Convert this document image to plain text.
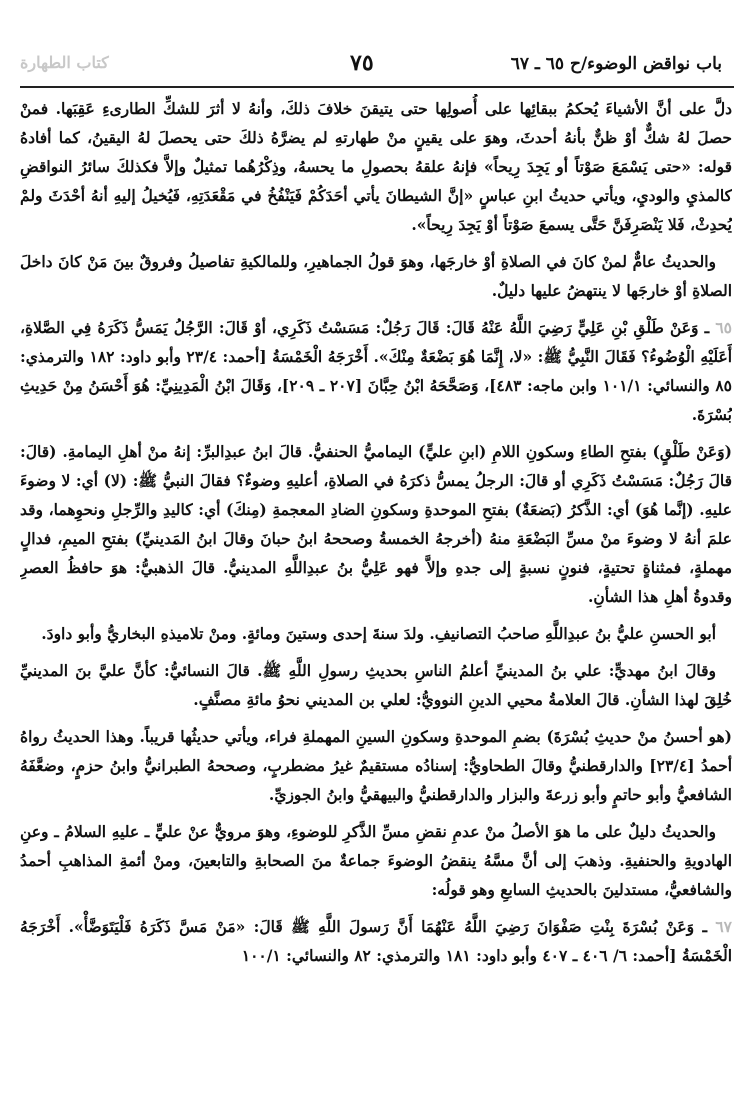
باب نواقض الوضوء/ح ٦٥ ـ ٦٧
٧٥
كتاب الطهارة

دلَّ على أنَّ الأشياءَ يُحكمُ ببقائِها على أُصولِها حتى يتيقنَ خلافَ ذلكَ، وأنهُ لا أثرَ للشكِّ الطارىءِ عَقِبَها. فمنْ حصلَ لهُ شكٌّ أوْ ظنٌّ بأنهُ أحدثَ، وهوَ على يقينٍ منْ طهارتهِ لم يضرَّهُ ذلكَ حتى يحصلَ لهُ اليقينُ، كما أفادهُ قوله: «حتى يَسْمَعَ صَوْتاً أو يَجِدَ رِيحاً» فإنهُ علقهُ بحصولِ ما يحسهُ، وذِكْرُهُما تمثيلٌ وإلاَّ فكذلكَ سائرُ النواقضِ كالمذيِ والوديِ، ويأتي حديثُ ابنِ عباسٍ «إنَّ الشيطانَ يأتي أحَدَكُمْ فَيَنْفُخُ في مَقْعَدَتِهِ، فَيُخيلُ إليهِ أنهُ أحْدَثَ ولمْ يُحدِثْ، فَلا يَنْصَرِفَنَّ حَتَّى يسمعَ صَوْتاً أوْ يَجِدَ رِيحاً».

والحديثُ عامٌّ لمنْ كانَ في الصلاةِ أوْ خارجَها، وهوَ قولُ الجماهيرِ، وللمالكيةِ تفاصيلُ وفروقٌ بينَ مَنْ كانَ داخلَ الصلاةِ أوْ خارجَها لا ينتهضُ عليها دليلٌ.

٦٥ ـ وَعَنْ طَلْقِ بْنِ عَلِيٍّ رَضِيَ اللَّهُ عَنْهُ قَالَ: قَالَ رَجُلٌ: مَسَسْتُ ذَكَرِي، أوْ قَالَ: الرَّجُلُ يَمَسُّ ذَكَرَهُ فِي الصَّلاةِ، أَعَلَيْهِ الْوُضُوءُ؟ فَقَالَ النَّبِيُّ ﷺ: «لا، إِنَّمَا هُوَ بَضْعَةٌ مِنْكَ». أَخْرَجَهُ الْخَمْسَةُ [أحمد: ٢٣/٤ وأبو داود: ١٨٢ والترمذي: ٨٥ والنسائي: ١٠١/١ وابن ماجه: ٤٨٣]، وَصَحَّحَهُ ابْنُ حِبَّانَ [٢٠٧ ـ ٢٠٩]، وَقَالَ ابْنُ الْمَدِينِيِّ: هُوَ أَحْسَنُ مِنْ حَدِيثِ بُسْرَةَ.

(وَعَنْ طَلْقٍ) بفتحِ الطاءِ وسكونِ اللامِ (ابنِ عليٍّ) اليماميُّ الحنفيُّ. قالَ ابنُ عبدِالبرِّ: إنهُ منْ أهلِ اليمامةِ. (قالَ: قالَ رَجُلٌ: مَسَسْتُ ذَكَرِي أو قالَ: الرجلُ يمسُّ ذكرَهُ في الصلاةِ، أعليهِ وضوءٌ؟ فقالَ النبيُّ ﷺ: (لا) أي: لا وضوءَ عليهِ. (إنَّما هُوَ) أي: الذَّكرُ (بَضعَةٌ) بفتحِ الموحدةِ وسكونِ الضادِ المعجمةِ (مِنكَ) أي: كاليدِ والرِّجلِ ونحوِهما، وقد علمَ أنهُ لا وضوءَ منْ مسِّ البَضْعَةِ منهُ (أخرجهُ الخمسةُ وصححهُ ابنُ حبانَ وقالَ ابنُ المَدينيِّ) بفتحِ الميمِ، فدالٍ مهملةٍ، فمثناةٍ تحتيةٍ، فنونٍ نسبةٍ إلى جدهِ وإلاَّ فهو عَلِيُّ بنُ عبدِاللَّهِ المدينيُّ. قالَ الذهبيُّ: هوَ حافظُ العصرِ وقدوةُ أهلِ هذا الشأنِ.

أبو الحسنِ عليُّ بنُ عبدِاللَّهِ صاحبُ التصانيفِ. ولدَ سنةَ إحدى وستينَ ومائةٍ. ومنْ تلاميذهِ البخاريُّ وأبو داودَ.

وقالَ ابنُ مهديٍّ: علي بنُ المدينيِّ أعلمُ الناسِ بحديثِ رسولِ اللَّهِ ﷺ. قالَ النسائيُّ: كأنَّ عليَّ بنَ المدينيِّ خُلِقَ لهذا الشأنِ. قالَ العلامةُ محيي الدينِ النوويُّ: لعلي بن المديني نحوُ مائةِ مصنَّفٍ.

(هو أحسنُ منْ حديثِ بُسْرَةَ) بضمِ الموحدةِ وسكونِ السينِ المهملةِ فراء، ويأتي حديثُها قريباً. وهذا الحديثُ رواهُ أحمدُ [٢٣/٤] والدارقطنيُّ وقالَ الطحاويُّ: إسنادُه مستقيمٌ غيرُ مضطربٍ، وصححهُ الطبرانيُّ وابنُ حزمٍ، وضعَّفَهُ الشافعيُّ وأبو حاتمٍ وأبو زرعةَ والبزار والدارقطنيُّ والبيهقيُّ وابنُ الجوزيِّ.

والحديثُ دليلٌ على ما هوَ الأصلُ منْ عدمِ نقضِ مسِّ الذَّكرِ للوضوءِ، وهوَ مرويٌّ عنْ عليٍّ ـ عليهِ السلامُ ـ وعنِ الهادويةِ والحنفيةِ. وذهبَ إلى أنَّ مسَّهُ ينقضُ الوضوءَ جماعةٌ منَ الصحابةِ والتابعينَ، ومنْ أئمةِ المذاهبِ أحمدُ والشافعيُّ، مستدلينَ بالحديثِ السابعِ وهو قولُه:

٦٧ ـ وَعَنْ بُسْرَةَ بِنْتِ صَفْوَانَ رَضِيَ اللَّهُ عَنْهُمَا أَنَّ رَسولَ اللَّهِ ﷺ قَالَ: «مَنْ مَسَّ ذَكَرَهُ فَلْيَتَوَضَّأْ». أَخْرَجَهُ الْخَمْسَةُ [أحمد: ٦/ ٤٠٦ ـ ٤٠٧ وأبو داود: ١٨١ والترمذي: ٨٢ والنسائي: ١٠٠/١
